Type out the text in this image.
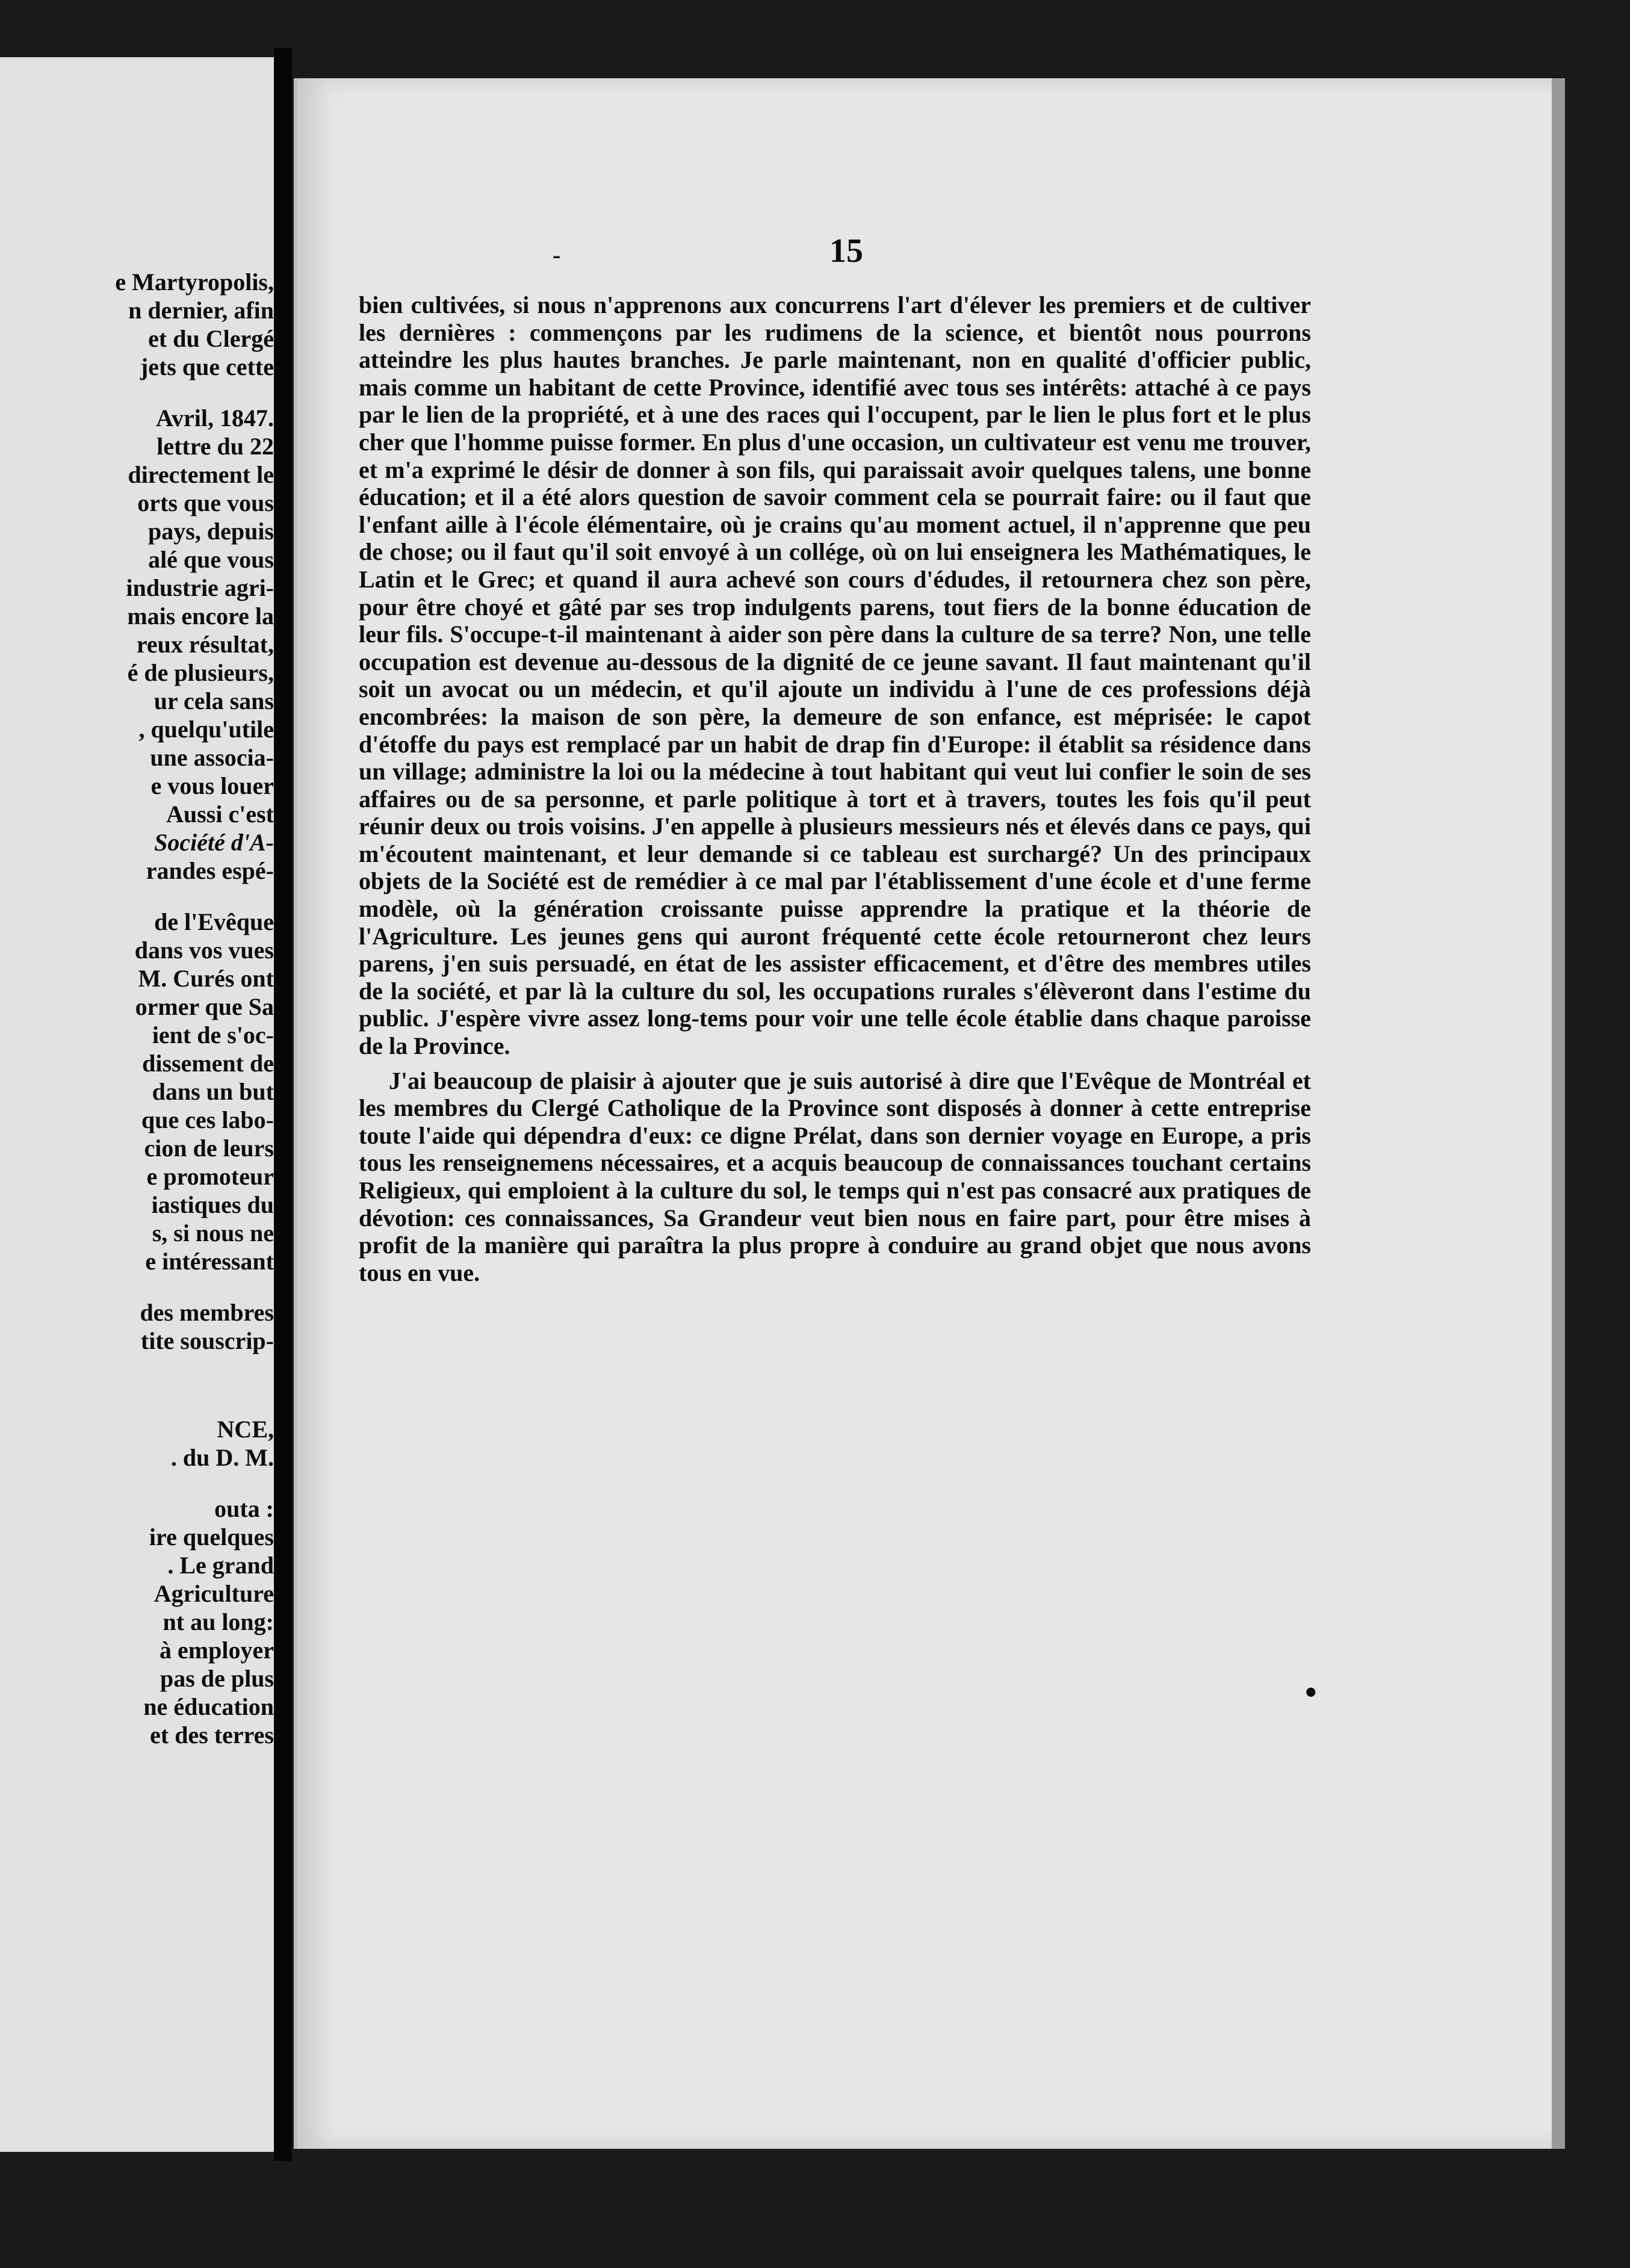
e Martyropolis,
n dernier, afin
et du Clergé
jets que cette
Avril, 1847.
lettre du 22
directement le
orts que vous
pays, depuis
alé que vous
industrie agri-
mais encore la
reux résultat,
é de plusieurs,
ur cela sans
, quelqu'utile
une associa-
e vous louer
Aussi c'est
Société d'A-
randes espé-
de l'Evêque
dans vos vues
M. Curés ont
ormer que Sa
ient de s'oc-
dissement de
dans un but
que ces labo-
cion de leurs
e promoteur
iastiques du
s, si nous ne
e intéressant
des membres
tite souscrip-
NCE,
. du D. M.
outa :
ire quelques
. Le grand
Agriculture
nt au long:
à employer
pas de plus
ne éducation
et des terres
-	15

bien cultivées, si nous n'apprenons aux concurrens l'art d'élever les premiers et de cultiver les dernières : commençons par les rudimens de la science, et bientôt nous pourrons atteindre les plus hautes branches. Je parle maintenant, non en qualité d'officier public, mais comme un habitant de cette Province, identifié avec tous ses intérêts: attaché à ce pays par le lien de la propriété, et à une des races qui l'occupent, par le lien le plus fort et le plus cher que l'homme puisse former. En plus d'une occasion, un cultivateur est venu me trouver, et m'a exprimé le désir de donner à son fils, qui paraissait avoir quelques talens, une bonne éducation; et il a été alors question de savoir comment cela se pourrait faire: ou il faut que l'enfant aille à l'école élémentaire, où je crains qu'au moment actuel, il n'apprenne que peu de chose; ou il faut qu'il soit envoyé à un collége, où on lui enseignera les Mathématiques, le Latin et le Grec; et quand il aura achevé son cours d'édudes, il retournera chez son père, pour être choyé et gâté par ses trop indulgents parens, tout fiers de la bonne éducation de leur fils. S'occupe-t-il maintenant à aider son père dans la culture de sa terre? Non, une telle occupation est devenue au-dessous de la dignité de ce jeune savant. Il faut maintenant qu'il soit un avocat ou un médecin, et qu'il ajoute un individu à l'une de ces professions déjà encombrées: la maison de son père, la demeure de son enfance, est méprisée: le capot d'étoffe du pays est remplacé par un habit de drap fin d'Europe: il établit sa résidence dans un village; administre la loi ou la médecine à tout habitant qui veut lui confier le soin de ses affaires ou de sa personne, et parle politique à tort et à travers, toutes les fois qu'il peut réunir deux ou trois voisins. J'en appelle à plusieurs messieurs nés et élevés dans ce pays, qui m'écoutent maintenant, et leur demande si ce tableau est surchargé? Un des principaux objets de la Société est de remédier à ce mal par l'établissement d'une école et d'une ferme modèle, où la génération croissante puisse apprendre la pratique et la théorie de l'Agriculture. Les jeunes gens qui auront fréquenté cette école retourneront chez leurs parens, j'en suis persuadé, en état de les assister efficacement, et d'être des membres utiles de la société, et par là la culture du sol, les occupations rurales s'élèveront dans l'estime du public. J'espère vivre assez long-tems pour voir une telle école établie dans chaque paroisse de la Province.

J'ai beaucoup de plaisir à ajouter que je suis autorisé à dire que l'Evêque de Montréal et les membres du Clergé Catholique de la Province sont disposés à donner à cette entreprise toute l'aide qui dépendra d'eux: ce digne Prélat, dans son dernier voyage en Europe, a pris tous les renseignemens nécessaires, et a acquis beaucoup de connaissances touchant certains Religieux, qui emploient à la culture du sol, le temps qui n'est pas consacré aux pratiques de dévotion: ces connaissances, Sa Grandeur veut bien nous en faire part, pour être mises à profit de la manière qui paraîtra la plus propre à conduire au grand objet que nous avons tous en vue.

•
